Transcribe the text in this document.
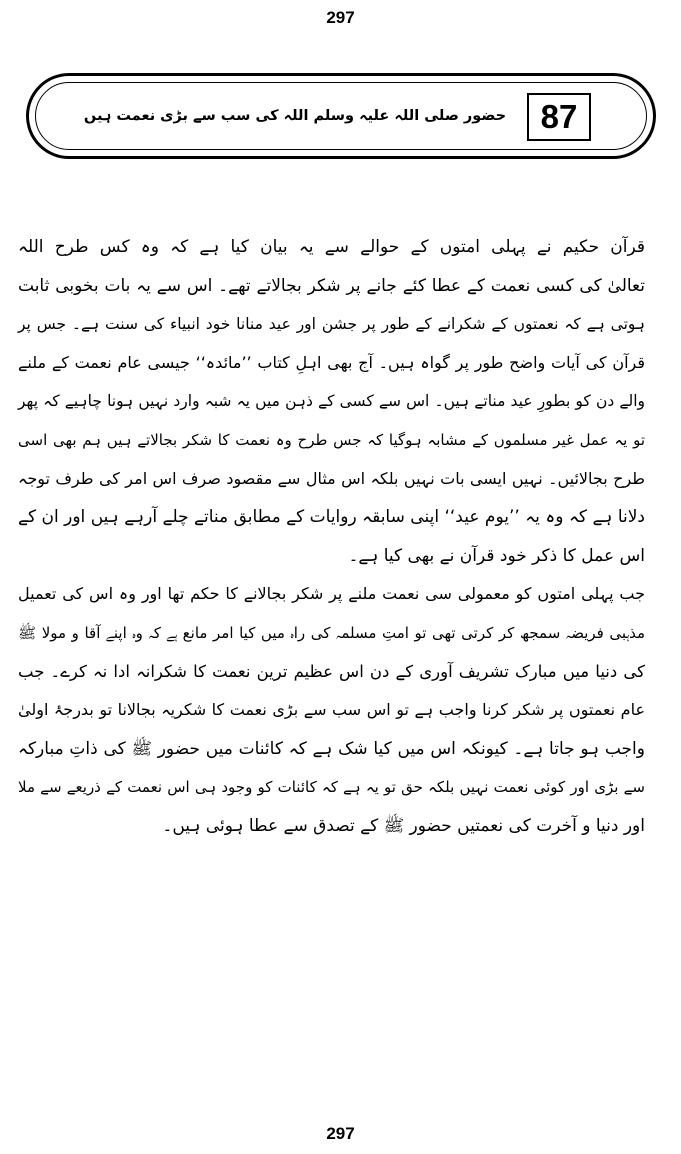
297
87
حضور صلی اللہ علیہ وسلم اللہ کی سب سے بڑی نعمت ہیں
قرآن حکیم نے پہلی امتوں کے حوالے سے یہ بیان کیا ہے کہ وہ کس طرح اللہ
تعالیٰ کی کسی نعمت کے عطا کئے جانے پر شکر بجالاتے تھے۔ اس سے یہ بات بخوبی ثابت
ہوتی ہے کہ نعمتوں کے شکرانے کے طور پر جشن اور عید منانا خود انبیاء کی سنت ہے۔ جس پر
قرآن کی آیات واضح طور پر گواہ ہیں۔ آج بھی اہلِ کتاب ’’مائدہ‘‘ جیسی عام نعمت کے ملنے
والے دن کو بطورِ عید مناتے ہیں۔ اس سے کسی کے ذہن میں یہ شبہ وارد نہیں ہونا چاہیے کہ پھر
تو یہ عمل غیر مسلموں کے مشابہ ہوگیا کہ جس طرح وہ نعمت کا شکر بجالاتے ہیں ہم بھی اسی
طرح بجالائیں۔ نہیں ایسی بات نہیں بلکہ اس مثال سے مقصود صرف اس امر کی طرف توجہ
دلانا ہے کہ وہ یہ ’’یوم عید‘‘ اپنی سابقہ روایات کے مطابق مناتے چلے آرہے ہیں اور ان کے
اس عمل کا ذکر خود قرآن نے بھی کیا ہے۔
جب پہلی امتوں کو معمولی سی نعمت ملنے پر شکر بجالانے کا حکم تھا اور وہ اس کی تعمیل
مذہبی فریضہ سمجھ کر کرتی تھی تو امتِ مسلمہ کی راہ میں کیا امر مانع ہے کہ وہ اپنے آقا و مولا ﷺ
کی دنیا میں مبارک تشریف آوری کے دن اس عظیم ترین نعمت کا شکرانہ ادا نہ کرے۔ جب
عام نعمتوں پر شکر کرنا واجب ہے تو اس سب سے بڑی نعمت کا شکریہ بجالانا تو بدرجۂ اولیٰ
واجب ہو جاتا ہے۔ کیونکہ اس میں کیا شک ہے کہ کائنات میں حضور ﷺ کی ذاتِ مبارکہ
سے بڑی اور کوئی نعمت نہیں بلکہ حق تو یہ ہے کہ کائنات کو وجود ہی اس نعمت کے ذریعے سے ملا
اور دنیا و آخرت کی نعمتیں حضور ﷺ کے تصدق سے عطا ہوئی ہیں۔
297
